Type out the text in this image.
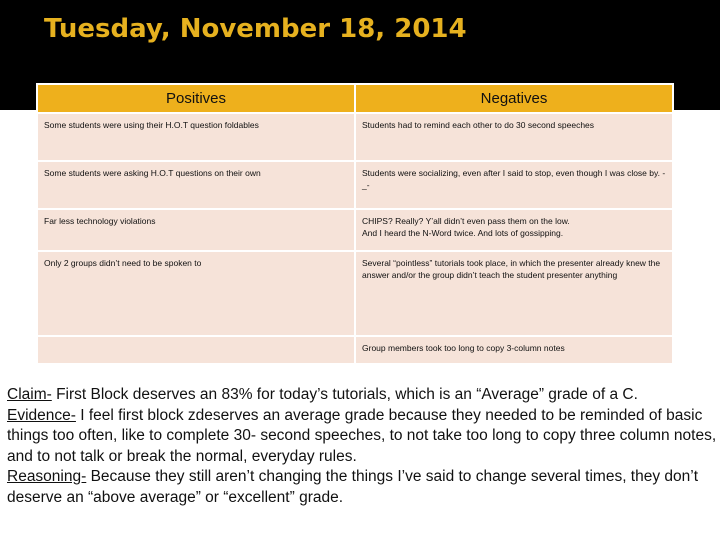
Tuesday, November 18, 2014
Positives	Negatives
Some students were using their H.O.T question foldables	Students had to remind each other to do 30 second speeches
Some students were asking H.O.T questions on their own	Students were socializing, even after I said to stop, even though I was close by. -_-
Far less technology violations	CHIPS? Really? Y’all didn’t even pass them on the low.
And I heard the N-Word twice. And lots of gossipping.
Only 2 groups didn’t need to be spoken to	Several “pointless” tutorials took place, in which the presenter already knew the answer and/or the group didn’t teach the student presenter anything
	Group members took too long to copy 3-column notes

Claim- First Block deserves an 83% for today’s tutorials, which is an “Average” grade of a C.

Evidence- I feel first block zdeserves an average grade because they needed to be reminded of basic things too often, like to complete 30- second speeches, to not take too long to copy three column notes, and to not talk or break the normal, everyday rules.

Reasoning- Because they still aren’t changing the things I’ve said to change several times, they don’t deserve an “above average” or “excellent” grade.
